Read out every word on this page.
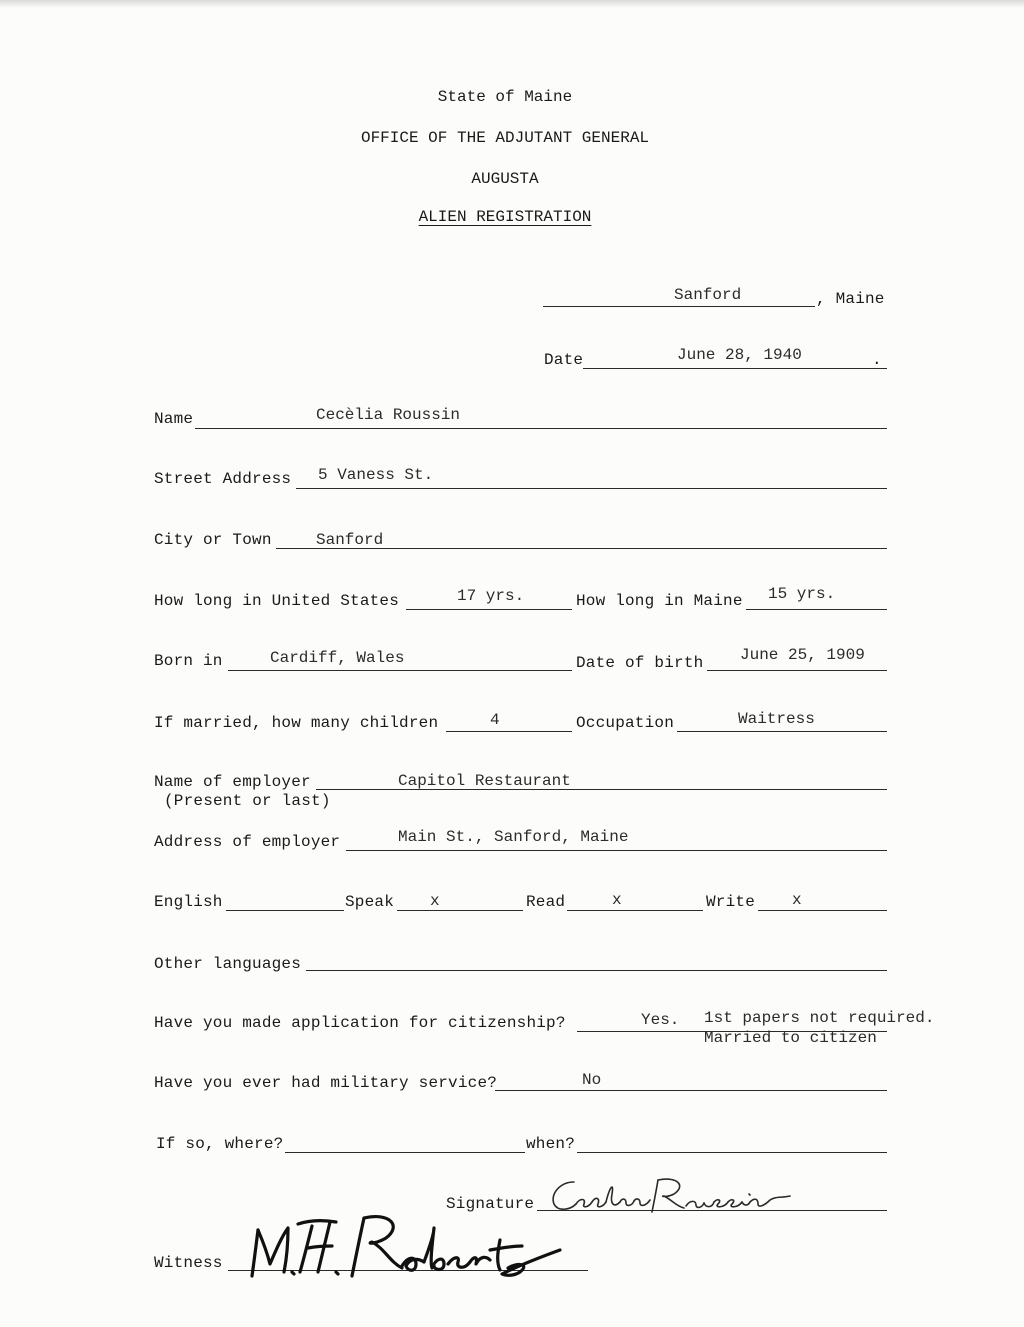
State of Maine
OFFICE OF THE ADJUTANT GENERAL
AUGUSTA
ALIEN REGISTRATION
Sanford	, Maine
Date	June 28, 1940	.
Name	Cecèlia Roussin
Street Address 5 Vaness St.
City or Town	Sanford
How long in United States	17 yrs.	How long in Maine 15 yrs.
Born in	Cardiff, Wales	Date of birth June 25, 1909
If married, how many children	4	Occupation	Waitress
Name of employer
(Present or last)
Capitol Restaurant
Address of employer	Main St., Sanford, Maine
English	Speak x	Read	x	Write x
Other languages
Have you made application for citizenship?	Yes. 1st papers not required.
Married to citizen
Have you ever had military service?	No
If so, where?	when?
Signature
Witness
